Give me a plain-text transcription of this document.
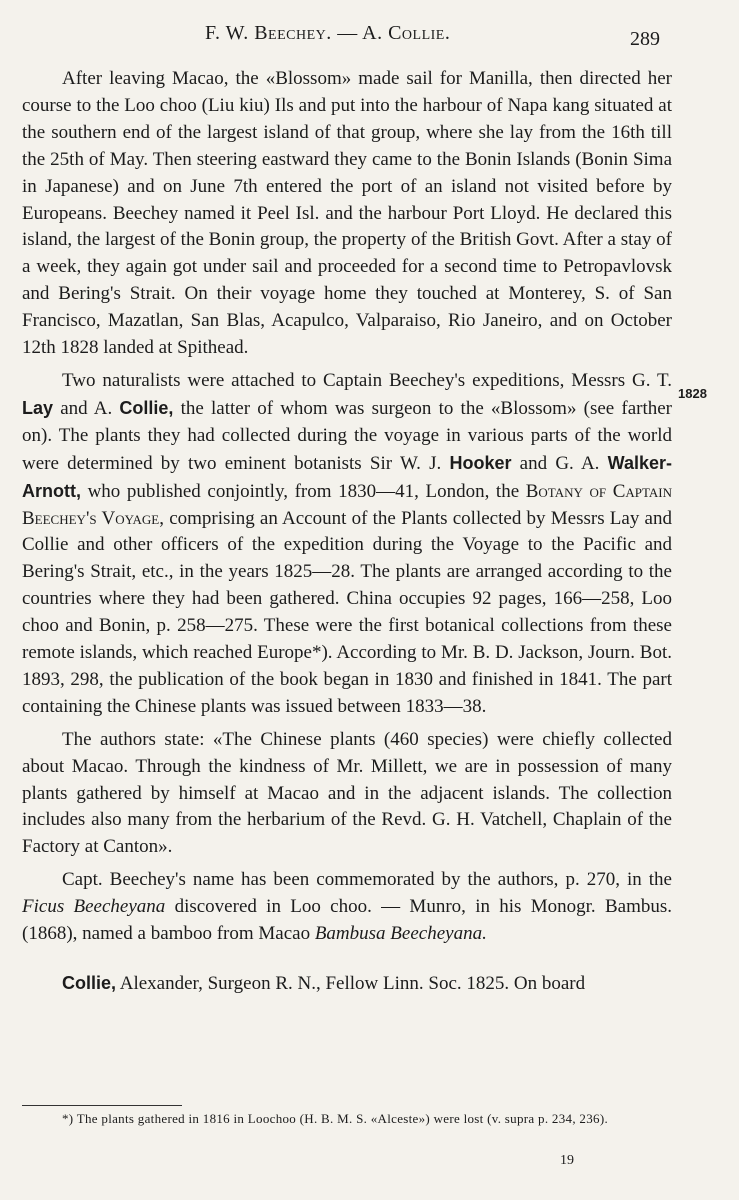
F. W. Beechey. — A. Collie.	289

After leaving Macao, the «Blossom» made sail for Manilla, then directed her course to the Loo choo (Liu kiu) Ils and put into the harbour of Napa kang situated at the southern end of the largest island of that group, where she lay from the 16th till the 25th of May. Then steering eastward they came to the Bonin Islands (Bonin Sima in Japanese) and on June 7th entered the port of an island not visited before by Europeans. Beechey named it Peel Isl. and the harbour Port Lloyd. He declared this island, the largest of the Bonin group, the property of the British Govt. After a stay of a week, they again got under sail and proceeded for a second time to Petropavlovsk and Bering's Strait. On their voyage home they touched at Monterey, S. of San Francisco, Mazatlan, San Blas, Acapulco, Valparaiso, Rio Janeiro, and on October 12th 1828 landed at Spithead.

Two naturalists were attached to Captain Beechey's expeditions, Messrs G. T. Lay and A. Collie, the latter of whom was surgeon to the «Blossom» (see farther on). The plants they had collected during the voyage in various parts of the world were determined by two eminent botanists Sir W. J. Hooker and G. A. Walker-Arnott, who published conjointly, from 1830—41, London, the Botany of Captain Beechey's Voyage, comprising an Account of the Plants collected by Messrs Lay and Collie and other officers of the expedition during the Voyage to the Pacific and Bering's Strait, etc., in the years 1825—28. The plants are arranged according to the countries where they had been gathered. China occupies 92 pages, 166—258, Loo choo and Bonin, p. 258—275. These were the first botanical collections from these remote islands, which reached Europe*). According to Mr. B. D. Jackson, Journ. Bot. 1893, 298, the publication of the book began in 1830 and finished in 1841. The part containing the Chinese plants was issued between 1833—38.

The authors state: «The Chinese plants (460 species) were chiefly collected about Macao. Through the kindness of Mr. Millett, we are in possession of many plants gathered by himself at Macao and in the adjacent islands. The collection includes also many from the herbarium of the Revd. G. H. Vatchell, Chaplain of the Factory at Canton».

Capt. Beechey's name has been commemorated by the authors, p. 270, in the Ficus Beecheyana discovered in Loo choo. — Munro, in his Monogr. Bambus. (1868), named a bamboo from Macao Bambusa Beecheyana.

Collie, Alexander, Surgeon R. N., Fellow Linn. Soc. 1825. On board

1828
*) The plants gathered in 1816 in Loochoo (H. B. M. S. «Alceste») were lost (v. supra p. 234, 236).
19
